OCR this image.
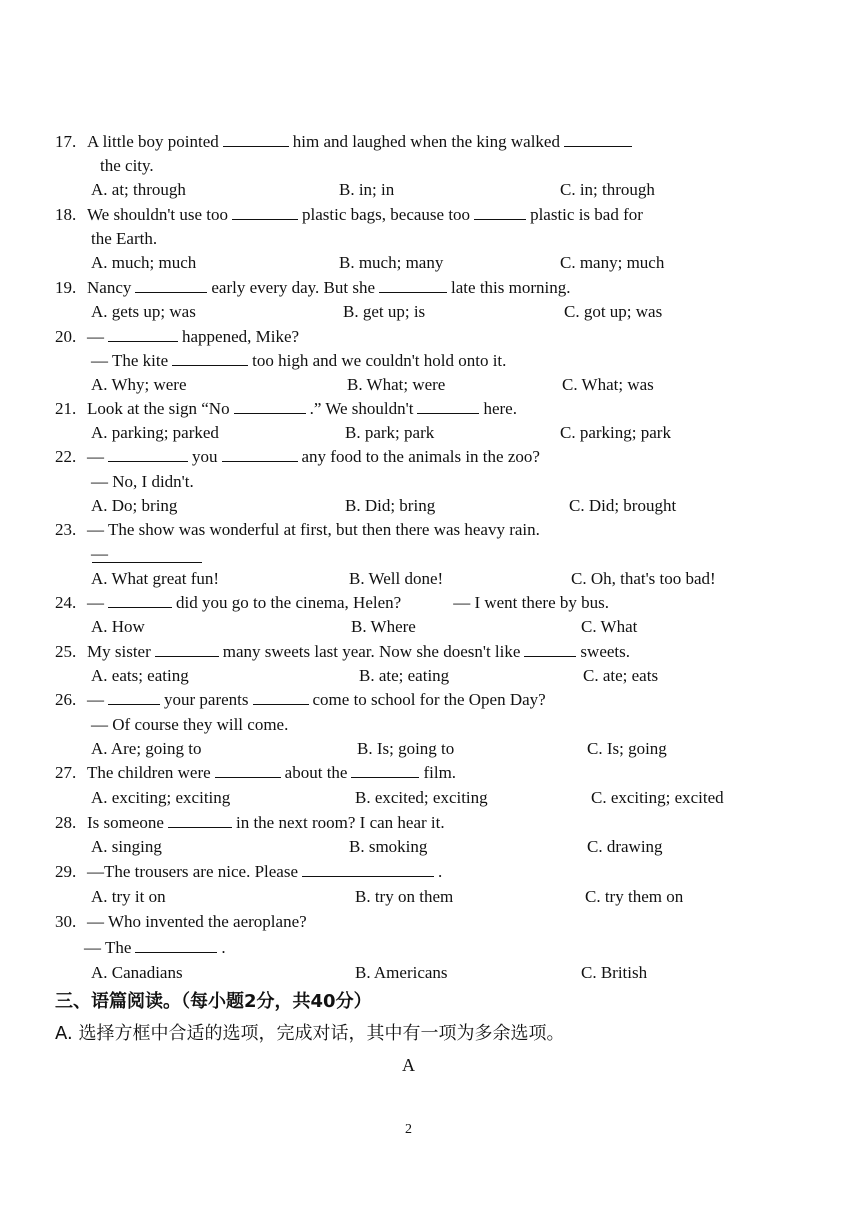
17. A little boy pointed	him and laughed when the king walked
the city.
A. at; through	B. in; in	C. in; through
18. We shouldn't use too	plastic bags, because too	plastic is bad for
the Earth.
A. much; much	B. much; many	C. many; much
19. Nancy	early every day. But she	late this morning.
A. gets up; was	B. get up; is	C. got up; was
20. —	happened, Mike?
— The kite	too high and we couldn't hold onto it.
A. Why; were	B. What; were	C. What; was
21. Look at the sign “No	.” We shouldn't	here.
A. parking; parked	B. park; park	C. parking; park
22. —	you	any food to the animals in the zoo?
— No, I didn't.
A. Do; bring	B. Did; bring	C. Did; brought
23. — The show was wonderful at first, but then there was heavy rain.
—
A. What great fun!	B. Well done!	C. Oh, that's too bad!
24. —	did you go to the cinema, Helen?	— I went there by bus.
A. How	B. Where	C. What
25. My sister	many sweets last year. Now she doesn't like	sweets.
A. eats; eating	B. ate; eating	C. ate; eats
26. —	your parents	come to school for the Open Day?
— Of course they will come.
A. Are; going to	B. Is; going to	C. Is; going
27. The children were	about the	film.
A. exciting; exciting	B. excited; exciting	C. exciting; excited
28. Is someone	in the next room? I can hear it.
A. singing	B. smoking	C. drawing
29. —The trousers are nice. Please	.
A. try it on	B. try on them	C. try them on
30. — Who invented the aeroplane?
— The	.
A. Canadians	B. Americans	C. British
三、语篇阅读。（每小题2分，共40分）
A. 选择方框中合适的选项，完成对话，其中有一项为多余选项。
A
2
